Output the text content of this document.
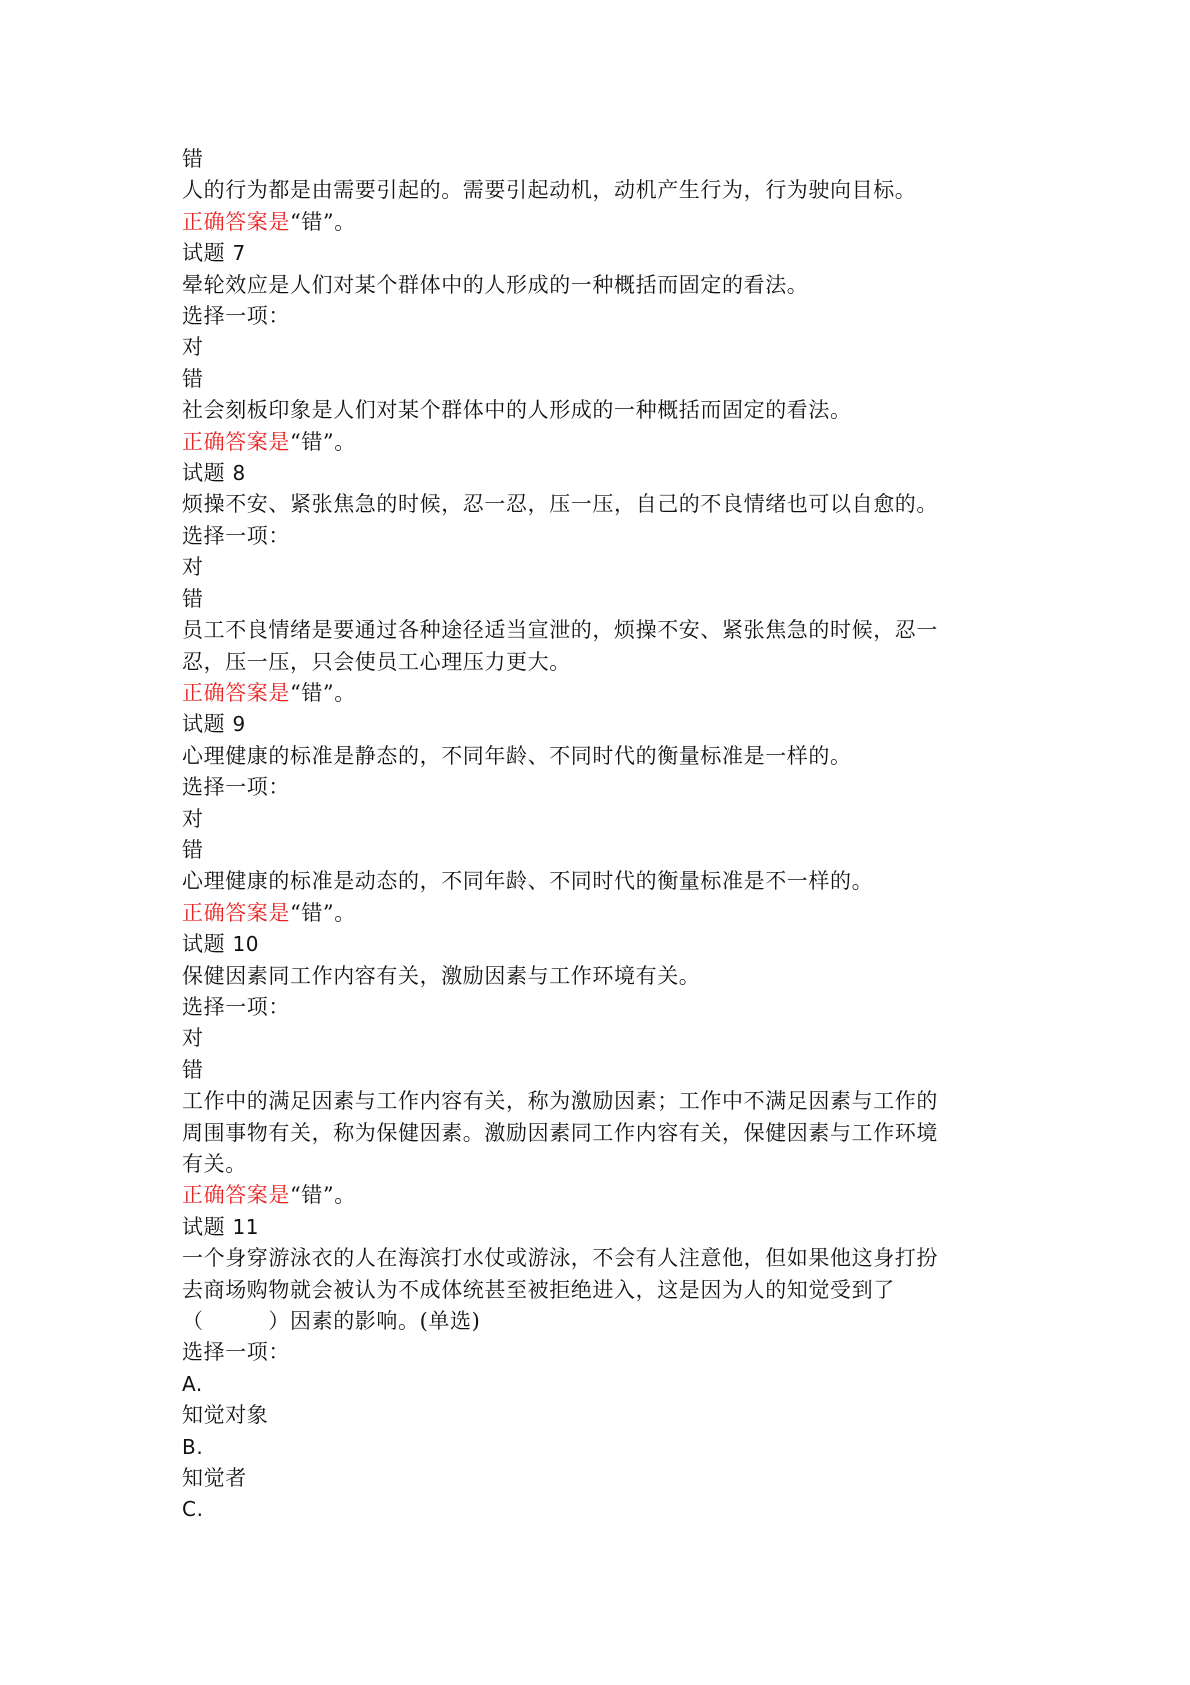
错
人的行为都是由需要引起的。需要引起动机，动机产生行为，行为驶向目标。
正确答案是“错”。
试题 7
晕轮效应是人们对某个群体中的人形成的一种概括而固定的看法。
选择一项：
对
错
社会刻板印象是人们对某个群体中的人形成的一种概括而固定的看法。
正确答案是“错”。
试题 8
烦操不安、紧张焦急的时候，忍一忍，压一压，自己的不良情绪也可以自愈的。
选择一项：
对
错
员工不良情绪是要通过各种途径适当宣泄的，烦操不安、紧张焦急的时候，忍一
忍，压一压，只会使员工心理压力更大。
正确答案是“错”。
试题 9
心理健康的标准是静态的，不同年龄、不同时代的衡量标准是一样的。
选择一项：
对
错
心理健康的标准是动态的，不同年龄、不同时代的衡量标准是不一样的。
正确答案是“错”。
试题 10
保健因素同工作内容有关，激励因素与工作环境有关。
选择一项：
对
错
工作中的满足因素与工作内容有关，称为激励因素；工作中不满足因素与工作的
周围事物有关，称为保健因素。激励因素同工作内容有关，保健因素与工作环境
有关。
正确答案是“错”。
试题 11
一个身穿游泳衣的人在海滨打水仗或游泳，不会有人注意他，但如果他这身打扮
去商场购物就会被认为不成体统甚至被拒绝进入，这是因为人的知觉受到了
（　　　）因素的影响。(单选)
选择一项：
A.
知觉对象
B.
知觉者
C.
